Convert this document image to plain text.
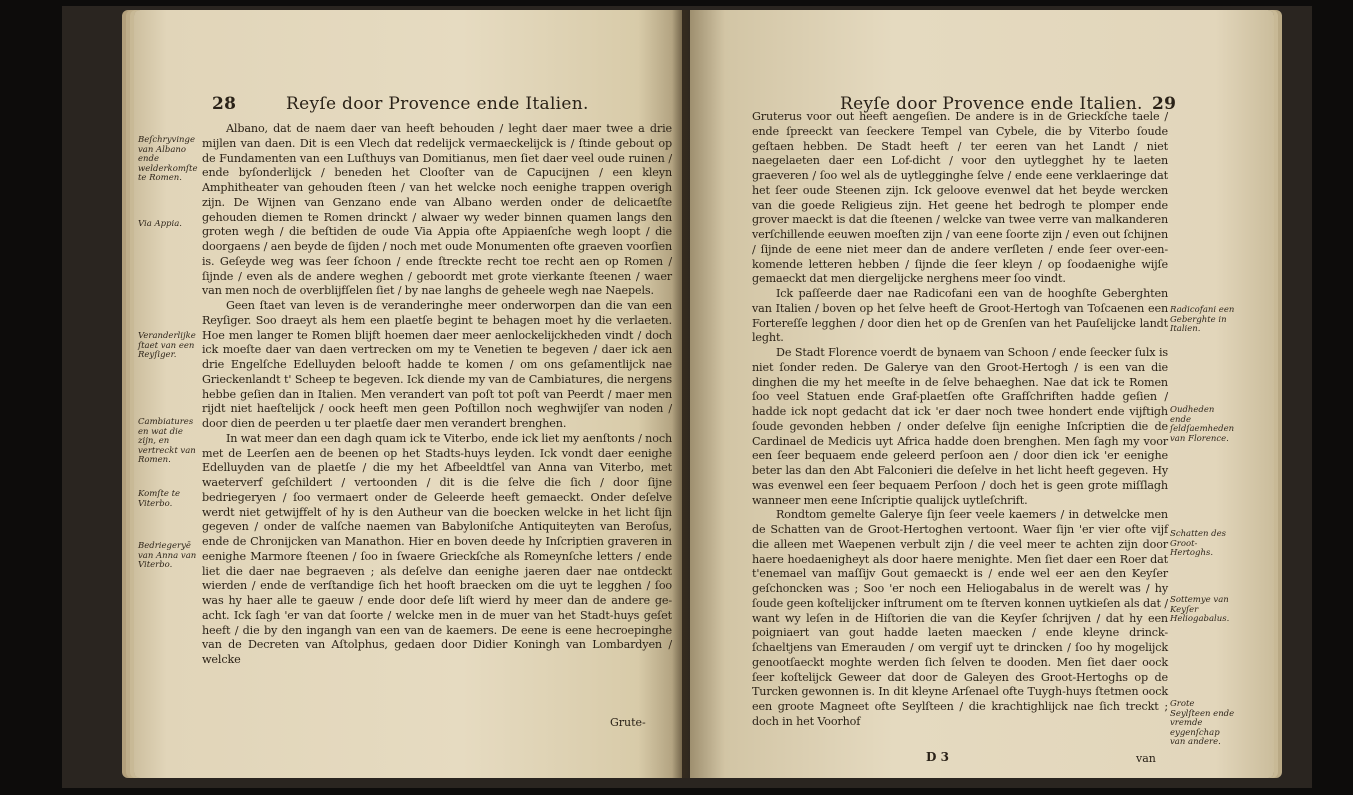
28	Reyſe door Provence ende Italien.
Beſchryvinge van Albano ende welderkomſte te Romen.
Via Appia.
Veranderlijke ſtaet van een Reyſiger.
Cambiatures en wat die zijn, en vertreckt van Romen.
Komſte te Viterbo.
Bedriegeryē van Anna van Viterbo.

Albano, dat de naem daer van heeft behouden / leght daer maer twee a drie mijlen van daen. Dit is een Vlech dat redelijck vermaeckelijck is / ſtinde gebout op de Fundamenten van een Luſthuys van Domitianus, men ſiet daer veel oude ruinen / ende byſonderlijck / beneden het Clooſter van de Capucijnen / een kleyn Amphitheater van gehouden ſteen / van het welcke noch eenighe trappen overigh zijn. De Wijnen van Genzano ende van Albano werden onder de delicaetſte gehouden diemen te Romen drinckt / alwaer wy weder binnen quamen langs den groten wegh / die beſtiden de oude Via Appia ofte Appiaenſche wegh loopt / die doorgaens / aen beyde de ſijden / noch met oude Monumenten ofte graeven voorſien is. Geſeyde weg was ſeer ſchoon / ende ſtreckte recht toe recht aen op Romen / ſijnde / even als de andere weghen / geboordt met grote vierkante ſteenen / waer van men noch de overblijfſelen ſiet / by nae langhs de geheele wegh nae Naepels.

Geen ſtaet van leven is de veranderinghe meer onderworpen dan die van een Reyſiger. Soo draeyt als hem een plaetſe begint te behagen moet hy die verlaeten. Hoe men langer te Romen blijft hoemen daer meer aenlockelijckheden vindt / doch ick moeſte daer van daen vertrecken om my te Venetien te begeven / daer ick aen drie Engelſche Edelluyden belooft hadde te komen / om ons geſamentlijck nae Grieckenlandt t' Scheep te begeven. Ick diende my van de Cambiatures, die nergens hebbe geſien dan in Italien. Men verandert van poſt tot poſt van Peerdt / maer men rijdt niet haeſtelijck / oock heeft men geen Poſtillon noch weghwijſer van noden / door dien de peerden u ter plaetſe daer men verandert brenghen.

In wat meer dan een dagh quam ick te Viterbo, ende ick liet my aenſtonts / noch met de Leerſen aen de beenen op het Stadts-huys leyden. Ick vondt daer eenighe Edelluyden van de plaetſe / die my het Afbeeldtſel van Anna van Viterbo, met waeterverf geſchildert / vertoonden / dit is die ſelve die ſich / door ſijne bedriegeryen / ſoo vermaert onder de Geleerde heeft gemaeckt. Onder deſelve werdt niet getwijffelt of hy is den Autheur van die boecken welcke in het licht ſijn gegeven / onder de valſche naemen van Babyloniſche Antiquiteyten van Beroſus, ende de Chronijcken van Manathon. Hier en boven deede hy Inſcriptien graveren in eenighe Marmore ſteenen / ſoo in ſwaere Grieckſche als Romeynſche letters / ende liet die daer nae begraeven ; als deſelve dan eenighe jaeren daer nae ontdeckt wierden / ende de verſtandige ſich het hooft braecken om die uyt te legghen / ſoo was hy haer alle te gaeuw / ende door deſe liſt wierd hy meer dan de andere ge-acht. Ick ſagh 'er van dat ſoorte / welcke men in de muer van het Stadt-huys geſet heeft / die by den ingangh van een van de kaemers. De eene is eene hecroepinghe van de Decreten van Aſtolphus, gedaen door Didier Koningh van Lombardyen / welcke

Grute-
Reyſe door Provence ende Italien. 29

Gruterus voor out heeft aengeſien. De andere is in de Grieckſche taele / ende ſpreeckt van ſeeckere Tempel van Cybele, die by Viterbo ſoude geſtaen hebben. De Stadt heeft / ter eeren van het Landt / niet naegelaeten daer een Lof-dicht / voor den uytlegghet hy te laeten graeveren / ſoo wel als de uytlegginghe ſelve / ende eene verklaeringe dat het ſeer oude Steenen zijn. Ick geloove evenwel dat het beyde wercken van die goede Religieus zijn. Het geene het bedrogh te plomper ende grover maeckt is dat die ſteenen / welcke van twee verre van malkanderen verſchillende eeuwen moeſten zijn / van eene ſoorte zijn / even out ſchijnen / ſijnde de eene niet meer dan de andere verſleten / ende ſeer over-een-komende letteren hebben / ſijnde die ſeer kleyn / op ſoodaenighe wijſe gemaeckt dat men diergelijcke nerghens meer ſoo vindt.

Ick paſſeerde daer nae Radicofani een van de hooghſte Geberghten van Italien / boven op het ſelve heeft de Groot-Hertogh van Toſcaenen een Fortereſſe legghen / door dien het op de Grenſen van het Pauſelijcke landt leght.

De Stadt Florence voerdt de bynaem van Schoon / ende ſeecker ſulx is niet ſonder reden. De Galerye van den Groot-Hertogh / is een van die dinghen die my het meeſte in de ſelve behaeghen. Nae dat ick te Romen ſoo veel Statuen ende Graf-plaetſen ofte Grafſchriften hadde geſien / hadde ick nopt gedacht dat ick 'er daer noch twee hondert ende vijftigh ſoude gevonden hebben / onder deſelve ſijn eenighe Inſcriptien die de Cardinael de Medicis uyt Africa hadde doen brenghen. Men ſagh my voor een ſeer bequaem ende geleerd perſoon aen / door dien ick 'er eenighe beter las dan den Abt Falconieri die deſelve in het licht heeft gegeven. Hy was evenwel een ſeer bequaem Perſoon / doch het is geen grote miſſlagh wanneer men eene Inſcriptie qualijck uytleſchrift.

Rondtom gemelte Galerye ſijn ſeer veele kaemers / in detwelcke men de Schatten van de Groot-Hertoghen vertoont. Waer ſijn 'er vier ofte vijf die alleen met Waepenen verbult zijn / die veel meer te achten zijn door haere hoedaenigheyt als door haere menighte. Men ſiet daer een Roer dat t'enemael van maſſijv Gout gemaeckt is / ende wel eer aen den Keyſer geſchoncken was ; Soo 'er noch een Heliogabalus in de werelt was / hy ſoude geen koſtelijcker inſtrument om te ſterven konnen uytkieſen als dat / want wy leſen in de Hiſtorien die van die Keyſer ſchrijven / dat hy een poigniaert van gout hadde laeten maecken / ende kleyne drinck-ſchaeltjens van Emerauden / om vergif uyt te drincken / ſoo hy mogelijck genootſaeckt moghte werden ſich ſelven te dooden. Men ſiet daer oock ſeer koſtelijck Geweer dat door de Galeyen des Groot-Hertoghs op de Turcken gewonnen is. In dit kleyne Arſenael ofte Tuygh-huys ſtetmen oock een groote Magneet ofte Seylſteen / die krachtighlijck nae ſich treckt ; doch in het Voorhof

Radicofani een Geberghte in Italien.
Oudheden ende ſeldſaemheden van Florence.
Schatten des Groot-Hertoghs.
Sottemye van Keyſer Heliogabalus.
Grote Seylſteen ende vremde eygenſchap van andere.
D 3	van
